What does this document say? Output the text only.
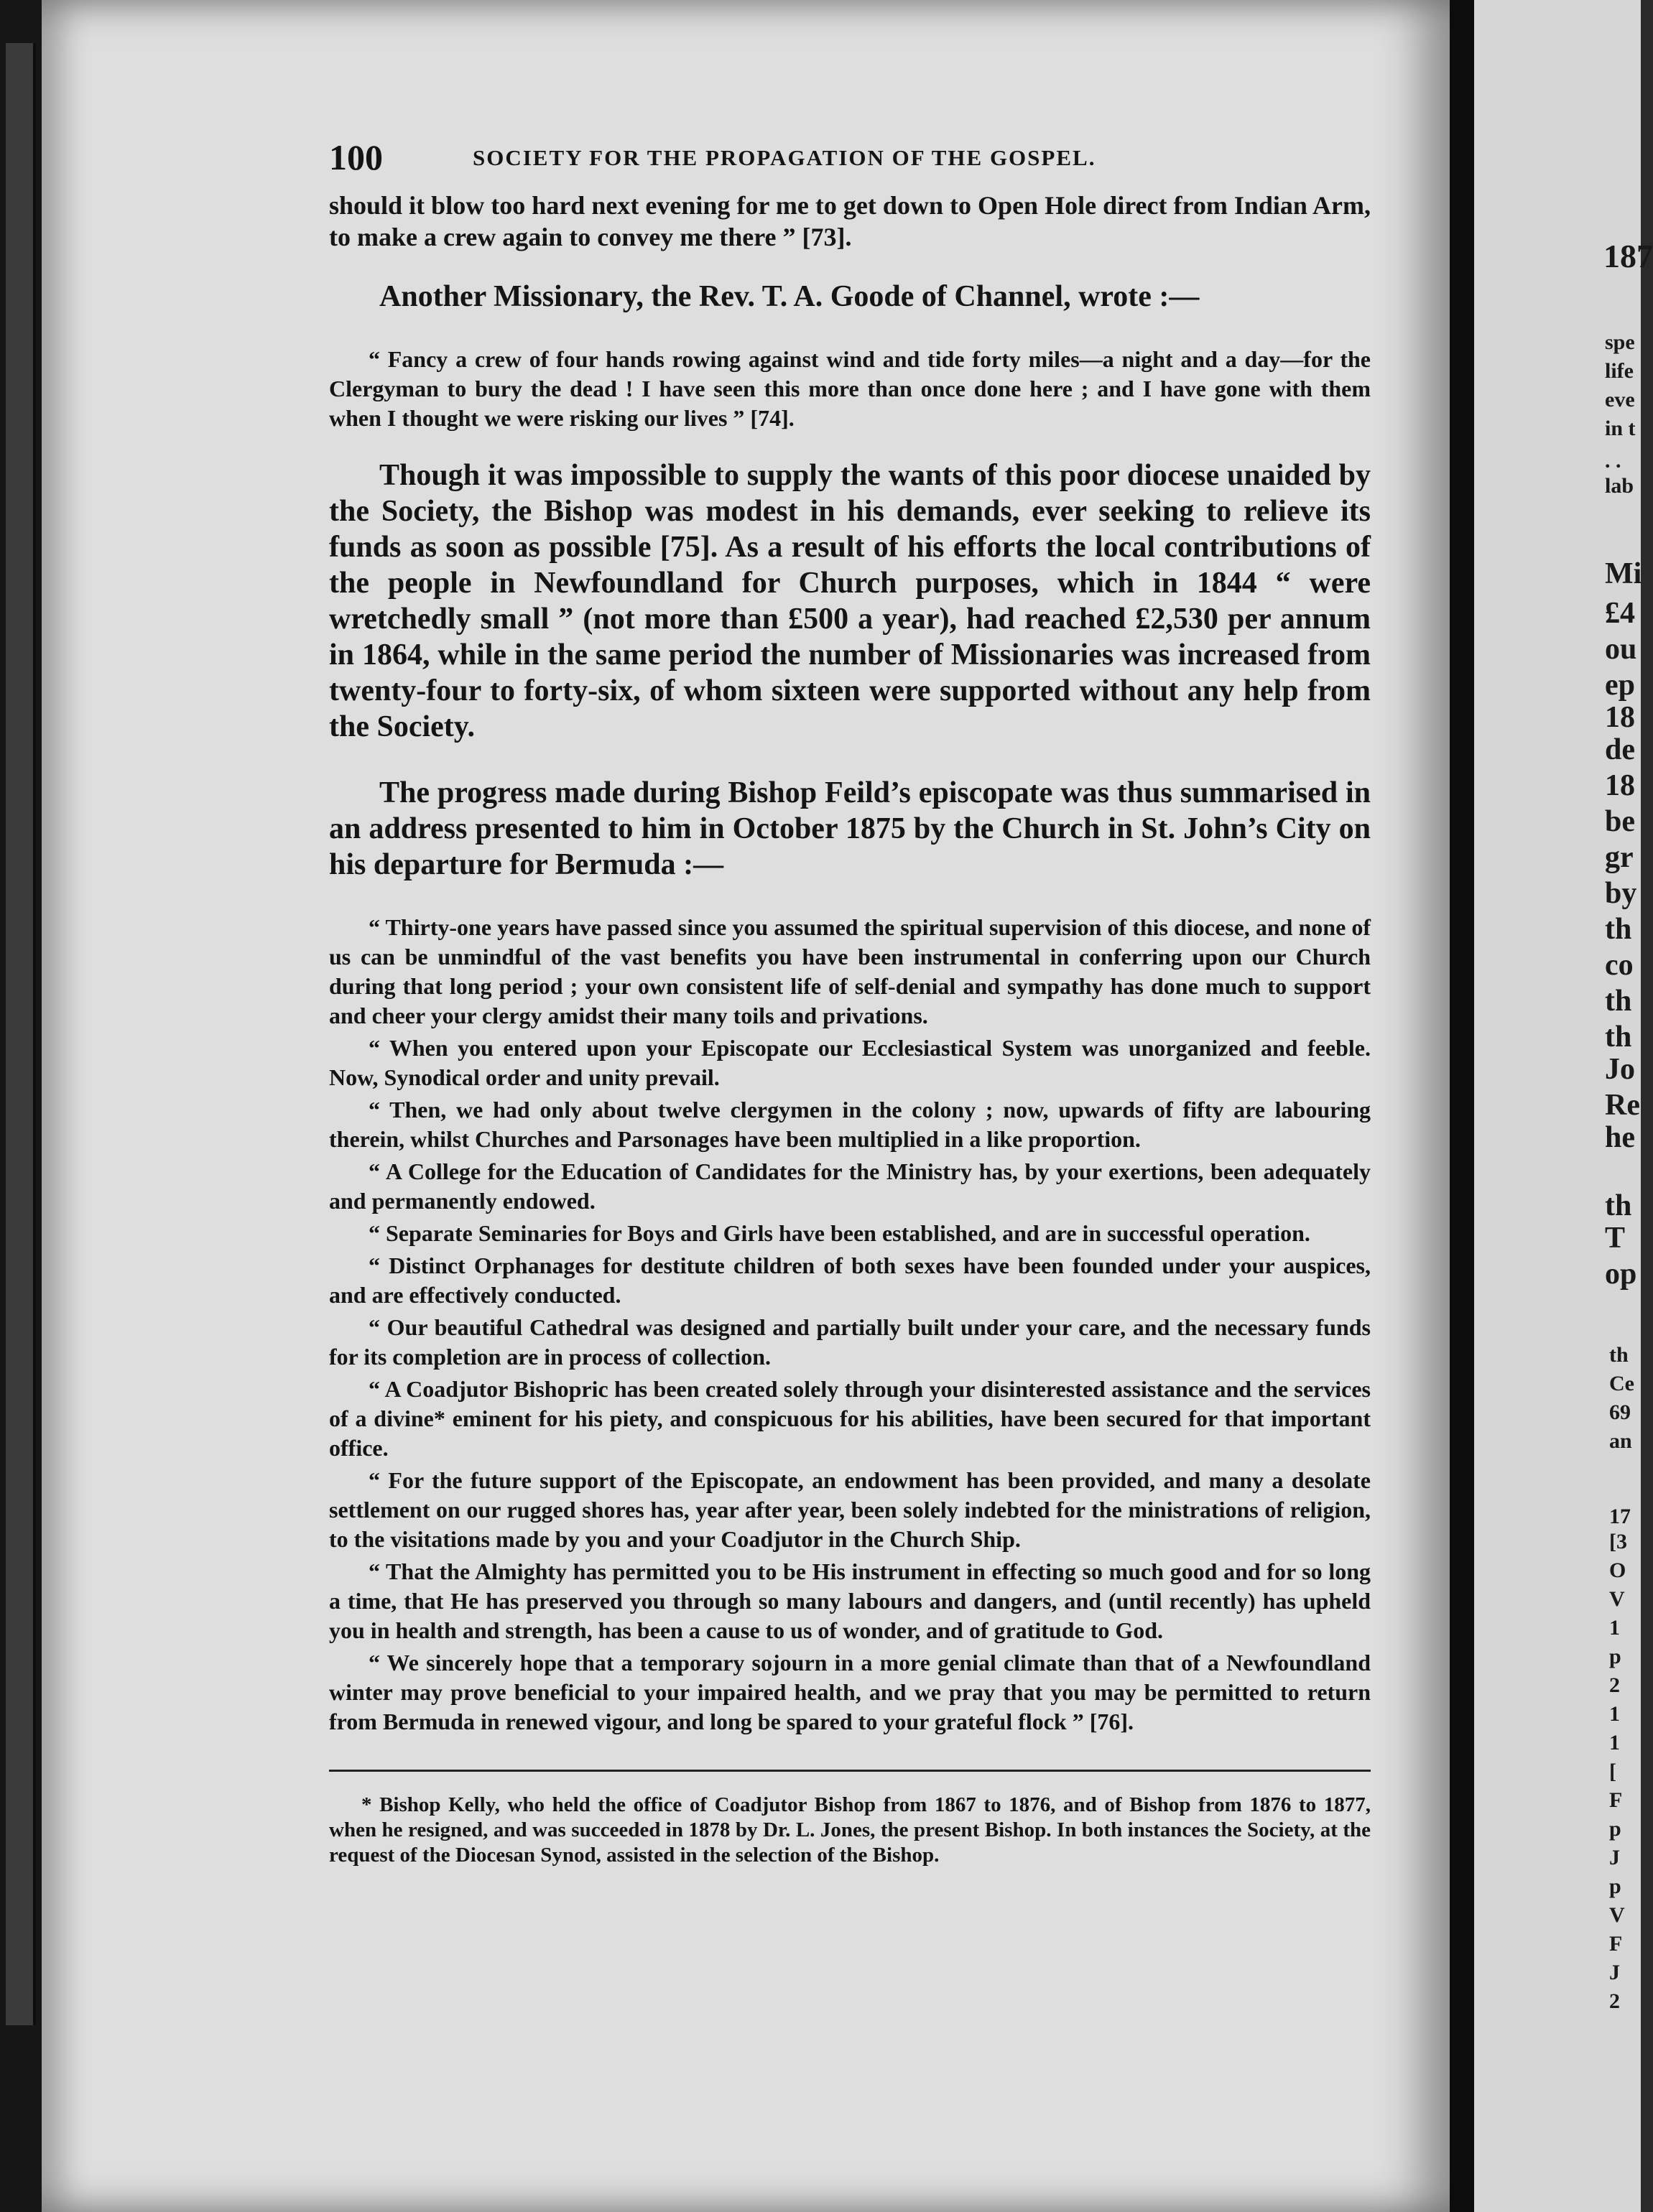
100	SOCIETY FOR THE PROPAGATION OF THE GOSPEL.

should it blow too hard next evening for me to get down to Open Hole direct from Indian Arm, to make a crew again to convey me there ” [73].

Another Missionary, the Rev. T. A. Goode of Channel, wrote :—

“ Fancy a crew of four hands rowing against wind and tide forty miles—a night and a day—for the Clergyman to bury the dead ! I have seen this more than once done here ; and I have gone with them when I thought we were risking our lives ” [74].

Though it was impossible to supply the wants of this poor diocese unaided by the Society, the Bishop was modest in his demands, ever seeking to relieve its funds as soon as possible [75]. As a result of his efforts the local contributions of the people in Newfoundland for Church purposes, which in 1844 “ were wretchedly small ” (not more than £500 a year), had reached £2,530 per annum in 1864, while in the same period the number of Missionaries was increased from twenty-four to forty-six, of whom sixteen were supported without any help from the Society.

The progress made during Bishop Feild’s episcopate was thus summarised in an address presented to him in October 1875 by the Church in St. John’s City on his departure for Bermuda :—

“ Thirty-one years have passed since you assumed the spiritual supervision of this diocese, and none of us can be unmindful of the vast benefits you have been instrumental in conferring upon our Church during that long period ; your own consistent life of self-denial and sympathy has done much to support and cheer your clergy amidst their many toils and privations.

“ When you entered upon your Episcopate our Ecclesiastical System was unorganized and feeble. Now, Synodical order and unity prevail.

“ Then, we had only about twelve clergymen in the colony ; now, upwards of fifty are labouring therein, whilst Churches and Parsonages have been multiplied in a like proportion.

“ A College for the Education of Candidates for the Ministry has, by your exertions, been adequately and permanently endowed.

“ Separate Seminaries for Boys and Girls have been established, and are in successful operation.

“ Distinct Orphanages for destitute children of both sexes have been founded under your auspices, and are effectively conducted.

“ Our beautiful Cathedral was designed and partially built under your care, and the necessary funds for its completion are in process of collection.

“ A Coadjutor Bishopric has been created solely through your disinterested assistance and the services of a divine* eminent for his piety, and conspicuous for his abilities, have been secured for that important office.

“ For the future support of the Episcopate, an endowment has been provided, and many a desolate settlement on our rugged shores has, year after year, been solely indebted for the ministrations of religion, to the visitations made by you and your Coadjutor in the Church Ship.

“ That the Almighty has permitted you to be His instrument in effecting so much good and for so long a time, that He has preserved you through so many labours and dangers, and (until recently) has upheld you in health and strength, has been a cause to us of wonder, and of gratitude to God.

“ We sincerely hope that a temporary sojourn in a more genial climate than that of a Newfoundland winter may prove beneficial to your impaired health, and we pray that you may be permitted to return from Bermuda in renewed vigour, and long be spared to your grateful flock ” [76].

* Bishop Kelly, who held the office of Coadjutor Bishop from 1867 to 1876, and of Bishop from 1876 to 1877, when he resigned, and was succeeded in 1878 by Dr. L. Jones, the present Bishop. In both instances the Society, at the request of the Diocesan Synod, assisted in the selection of the Bishop.

187
spe
life
eve
in t
. .
lab
Mi
£4
ou
ep
18
de
18
be
gr
by
th
co
th
th
Jo
Re
he
th
T
op
th
Ce
69
an
17
[3
O
V
1
p
2
1
1
[
F
p
J
p
V
F
J
2
